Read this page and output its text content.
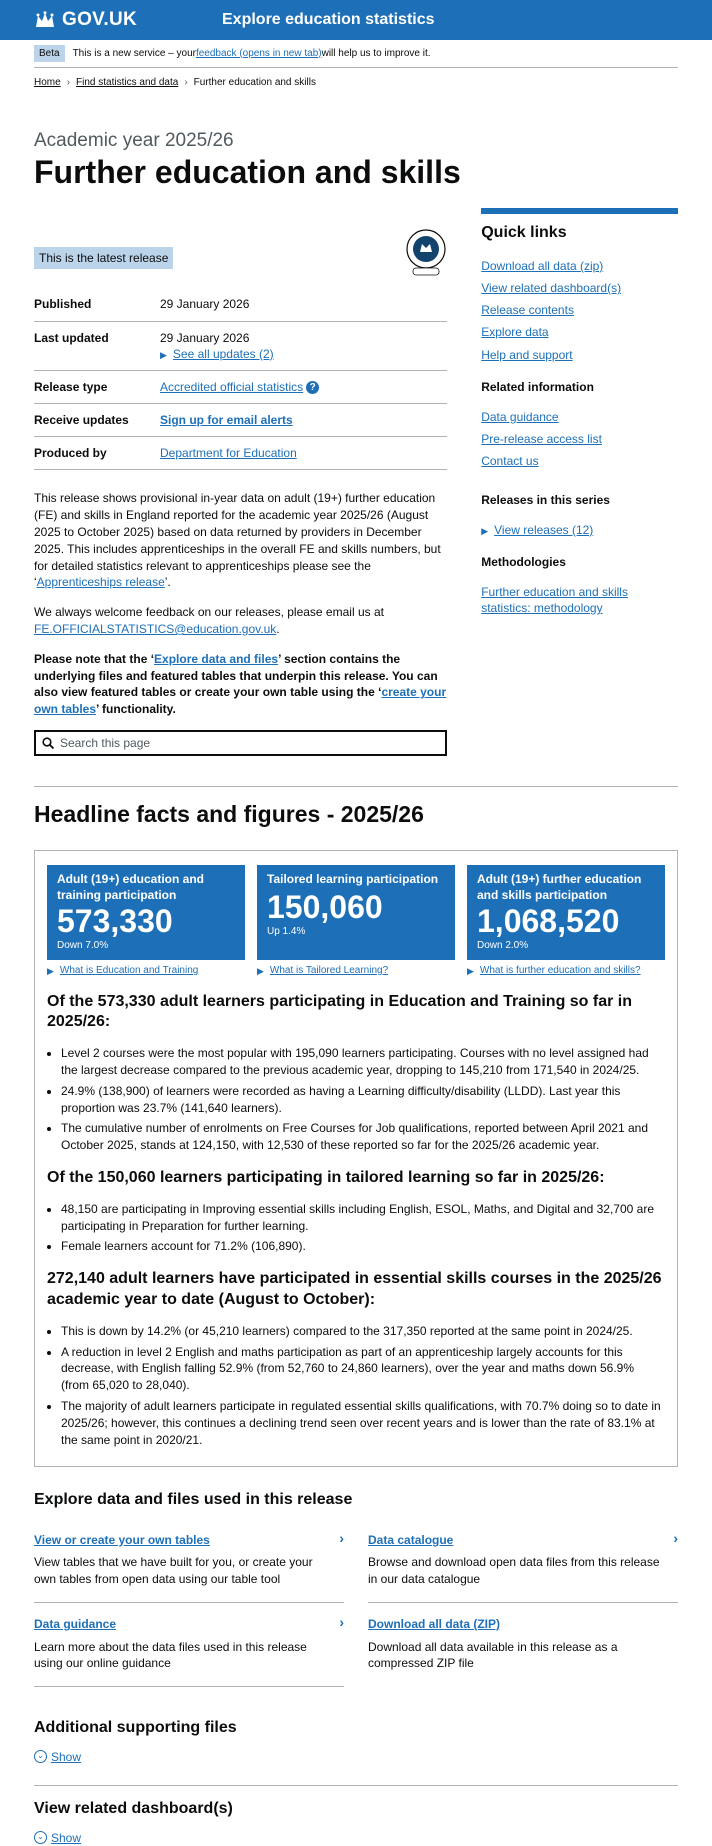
GOV.UK	Explore education statistics
Beta	This is a new service – your feedback (opens in new tab) will help us to improve it.
Home › Find statistics and data › Further education and skills
Academic year 2025/26
Further education and skills
This is the latest release
Published	29 January 2026
Last updated	29 January 2026
▶ See all updates (2)
Release type	Accredited official statistics ?
Receive updates	Sign up for email alerts
Produced by	Department for Education

This release shows provisional in-year data on adult (19+) further education (FE) and skills in England reported for the academic year 2025/26 (August 2025 to October 2025) based on data returned by providers in December 2025. This includes apprenticeships in the overall FE and skills numbers, but for detailed statistics relevant to apprenticeships please see the ‘Apprenticeships release’.

We always welcome feedback on our releases, please email us at FE.OFFICIALSTATISTICS@education.gov.uk.

Please note that the ‘Explore data and files’ section contains the underlying files and featured tables that underpin this release. You can also view featured tables or create your own table using the ‘create your own tables’ functionality.

Search this page
Quick links
Download all data (zip)
View related dashboard(s)
Release contents
Explore data
Help and support
Related information
Data guidance
Pre-release access list
Contact us
Releases in this series
▶ View releases (12)
Methodologies
Further education and skills statistics: methodology
Headline facts and figures - 2025/26
Adult (19+) education and training participation
573,330
Down 7.0%
▶ What is Education and Training
Tailored learning participation
150,060
Up 1.4%
▶ What is Tailored Learning?
Adult (19+) further education and skills participation
1,068,520
Down 2.0%
▶ What is further education and skills?
Of the 573,330 adult learners participating in Education and Training so far in 2025/26:
• Level 2 courses were the most popular with 195,090 learners participating. Courses with no level assigned had the largest decrease compared to the previous academic year, dropping to 145,210 from 171,540 in 2024/25.
• 24.9% (138,900) of learners were recorded as having a Learning difficulty/disability (LLDD). Last year this proportion was 23.7% (141,640 learners).
• The cumulative number of enrolments on Free Courses for Job qualifications, reported between April 2021 and October 2025, stands at 124,150, with 12,530 of these reported so far for the 2025/26 academic year.
Of the 150,060 learners participating in tailored learning so far in 2025/26:
• 48,150 are participating in Improving essential skills including English, ESOL, Maths, and Digital and 32,700 are participating in Preparation for further learning.
• Female learners account for 71.2% (106,890).
272,140 adult learners have participated in essential skills courses in the 2025/26 academic year to date (August to October):
• This is down by 14.2% (or 45,210 learners) compared to the 317,350 reported at the same point in 2024/25.
• A reduction in level 2 English and maths participation as part of an apprenticeship largely accounts for this decrease, with English falling 52.9% (from 52,760 to 24,860 learners), over the year and maths down 56.9% (from 65,020 to 28,040).
• The majority of adult learners participate in regulated essential skills qualifications, with 70.7% doing so to date in 2025/26; however, this continues a declining trend seen over recent years and is lower than the rate of 83.1% at the same point in 2020/21.
Explore data and files used in this release
View or create your own tables	›
View tables that we have built for you, or create your own tables from open data using our table tool
Data catalogue	›
Browse and download open data files from this release in our data catalogue
Data guidance	›
Learn more about the data files used in this release using our online guidance
Download all data (ZIP)
Download all data available in this release as a compressed ZIP file
Additional supporting files
⌄ Show
View related dashboard(s)
⌄ Show
